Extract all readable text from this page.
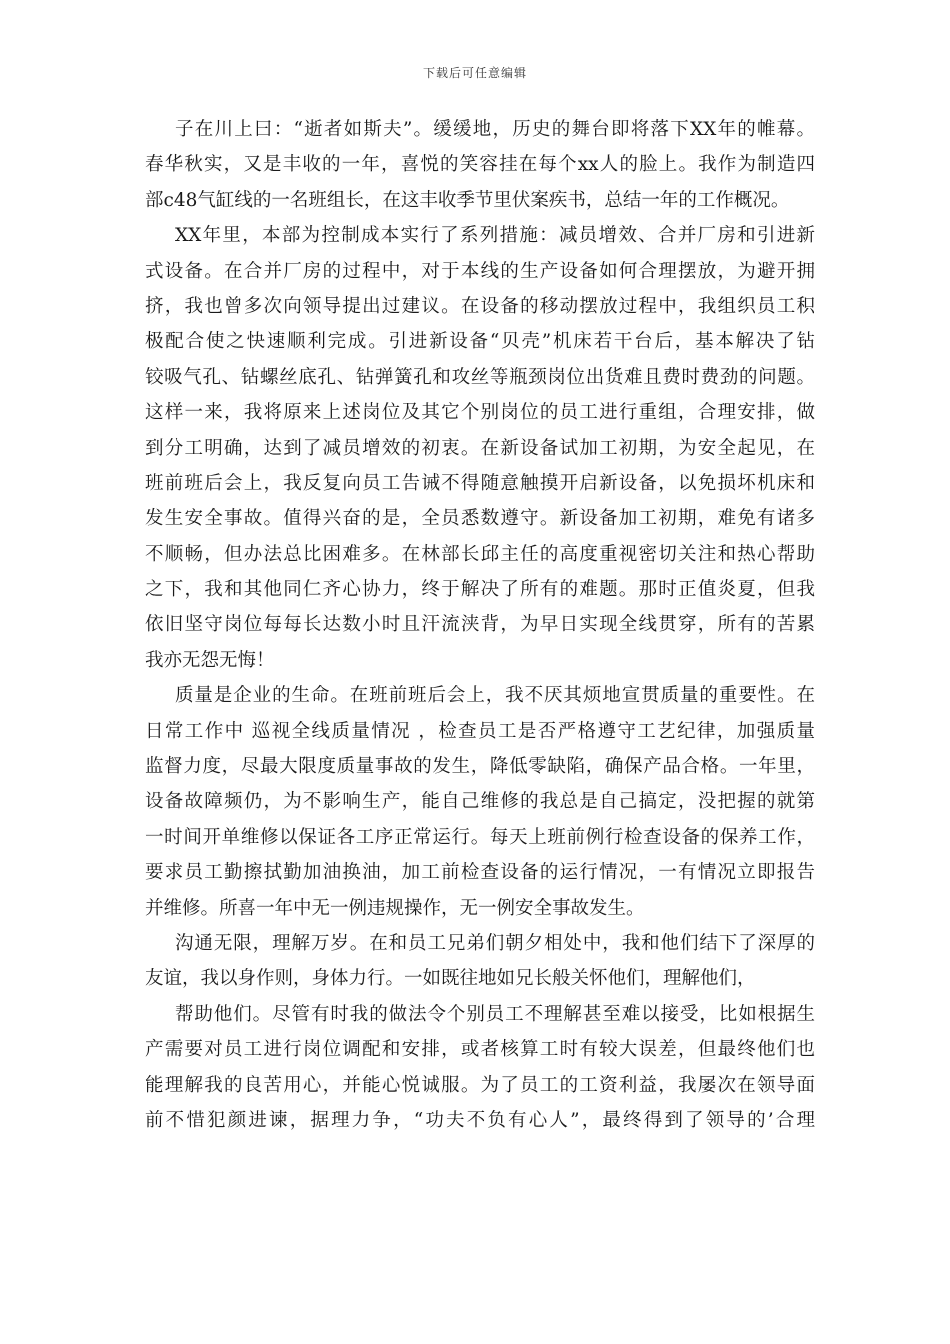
下载后可任意编辑
子在川上曰：“逝者如斯夫”。缓缓地，历史的舞台即将落下XX年的帷幕。
春华秋实，又是丰收的一年，喜悦的笑容挂在每个xx人的脸上。我作为制造四
部c48气缸线的一名班组长，在这丰收季节里伏案疾书，总结一年的工作概况。
XX年里，本部为控制成本实行了系列措施：减员增效、合并厂房和引进新
式设备。在合并厂房的过程中，对于本线的生产设备如何合理摆放，为避开拥
挤，我也曾多次向领导提出过建议。在设备的移动摆放过程中，我组织员工积
极配合使之快速顺利完成。引进新设备“贝壳”机床若干台后，基本解决了钻
铰吸气孔、钻螺丝底孔、钻弹簧孔和攻丝等瓶颈岗位出货难且费时费劲的问题。
这样一来，我将原来上述岗位及其它个别岗位的员工进行重组，合理安排，做
到分工明确，达到了减员增效的初衷。在新设备试加工初期，为安全起见，在
班前班后会上，我反复向员工告诫不得随意触摸开启新设备，以免损坏机床和
发生安全事故。值得兴奋的是，全员悉数遵守。新设备加工初期，难免有诸多
不顺畅，但办法总比困难多。在林部长邱主任的高度重视密切关注和热心帮助
之下，我和其他同仁齐心协力，终于解决了所有的难题。那时正值炎夏，但我
依旧坚守岗位每每长达数小时且汗流浃背，为早日实现全线贯穿，所有的苦累
我亦无怨无悔！
质量是企业的生命。在班前班后会上，我不厌其烦地宣贯质量的重要性。在
日常工作中 巡视全线质量情况 ，检查员工是否严格遵守工艺纪律，加强质量
监督力度，尽最大限度质量事故的发生，降低零缺陷，确保产品合格。一年里，
设备故障频仍，为不影响生产，能自己维修的我总是自己搞定，没把握的就第
一时间开单维修以保证各工序正常运行。每天上班前例行检查设备的保养工作，
要求员工勤擦拭勤加油换油，加工前检查设备的运行情况，一有情况立即报告
并维修。所喜一年中无一例违规操作，无一例安全事故发生。
沟通无限，理解万岁。在和员工兄弟们朝夕相处中，我和他们结下了深厚的
友谊，我以身作则，身体力行。一如既往地如兄长般关怀他们，理解他们，
帮助他们。尽管有时我的做法令个别员工不理解甚至难以接受，比如根据生
产需要对员工进行岗位调配和安排，或者核算工时有较大误差，但最终他们也
能理解我的良苦用心，并能心悦诚服。为了员工的工资利益，我屡次在领导面
前不惜犯颜进谏，据理力争，“功夫不负有心人”，最终得到了领导的’合理
